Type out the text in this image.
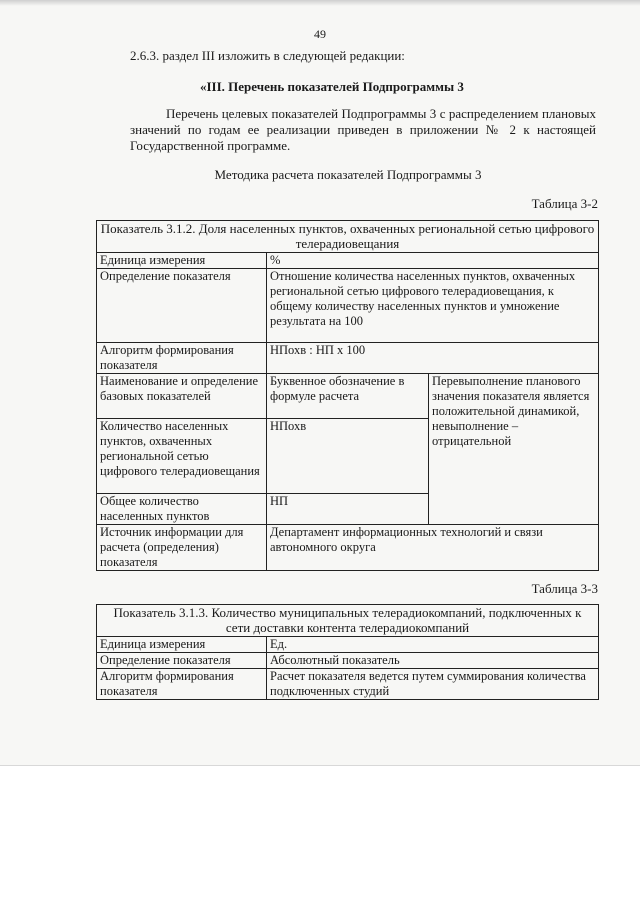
49
2.6.3. раздел III изложить в следующей редакции:
«III. Перечень показателей Подпрограммы 3
Перечень целевых показателей Подпрограммы 3 с распределением плановых значений по годам ее реализации приведен в приложении № 2 к настоящей Государственной программе.
Методика расчета показателей Подпрограммы 3
Таблица 3-2
Показатель 3.1.2. Доля населенных пунктов, охваченных региональной сетью цифрового телерадиовещания		
Единица измерения	%	
Определение показателя	Отношение количества населенных пунктов, охваченных региональной сетью цифрового телерадиовещания, к общему количеству населенных пунктов и умножение результата на 100	
Алгоритм формирования показателя	НПохв : НП x 100	
Наименование и определение базовых показателей	Буквенное обозначение в формуле расчета	Перевыполнение планового значения показателя является положительной динамикой, невыполнение – отрицательной
Количество населенных пунктов, охваченных региональной сетью цифрового телерадиовещания	НПохв	
Общее количество населенных пунктов	НП	
Источник информации для расчета (определения) показателя	Департамент информационных технологий и связи автономного округа	
Таблица 3-3
Показатель 3.1.3. Количество муниципальных телерадиокомпаний, подключенных к сети доставки контента телерадиокомпаний	
Единица измерения	Ед.
Определение показателя	Абсолютный показатель
Алгоритм формирования показателя	Расчет показателя ведется путем суммирования количества подключенных студий
